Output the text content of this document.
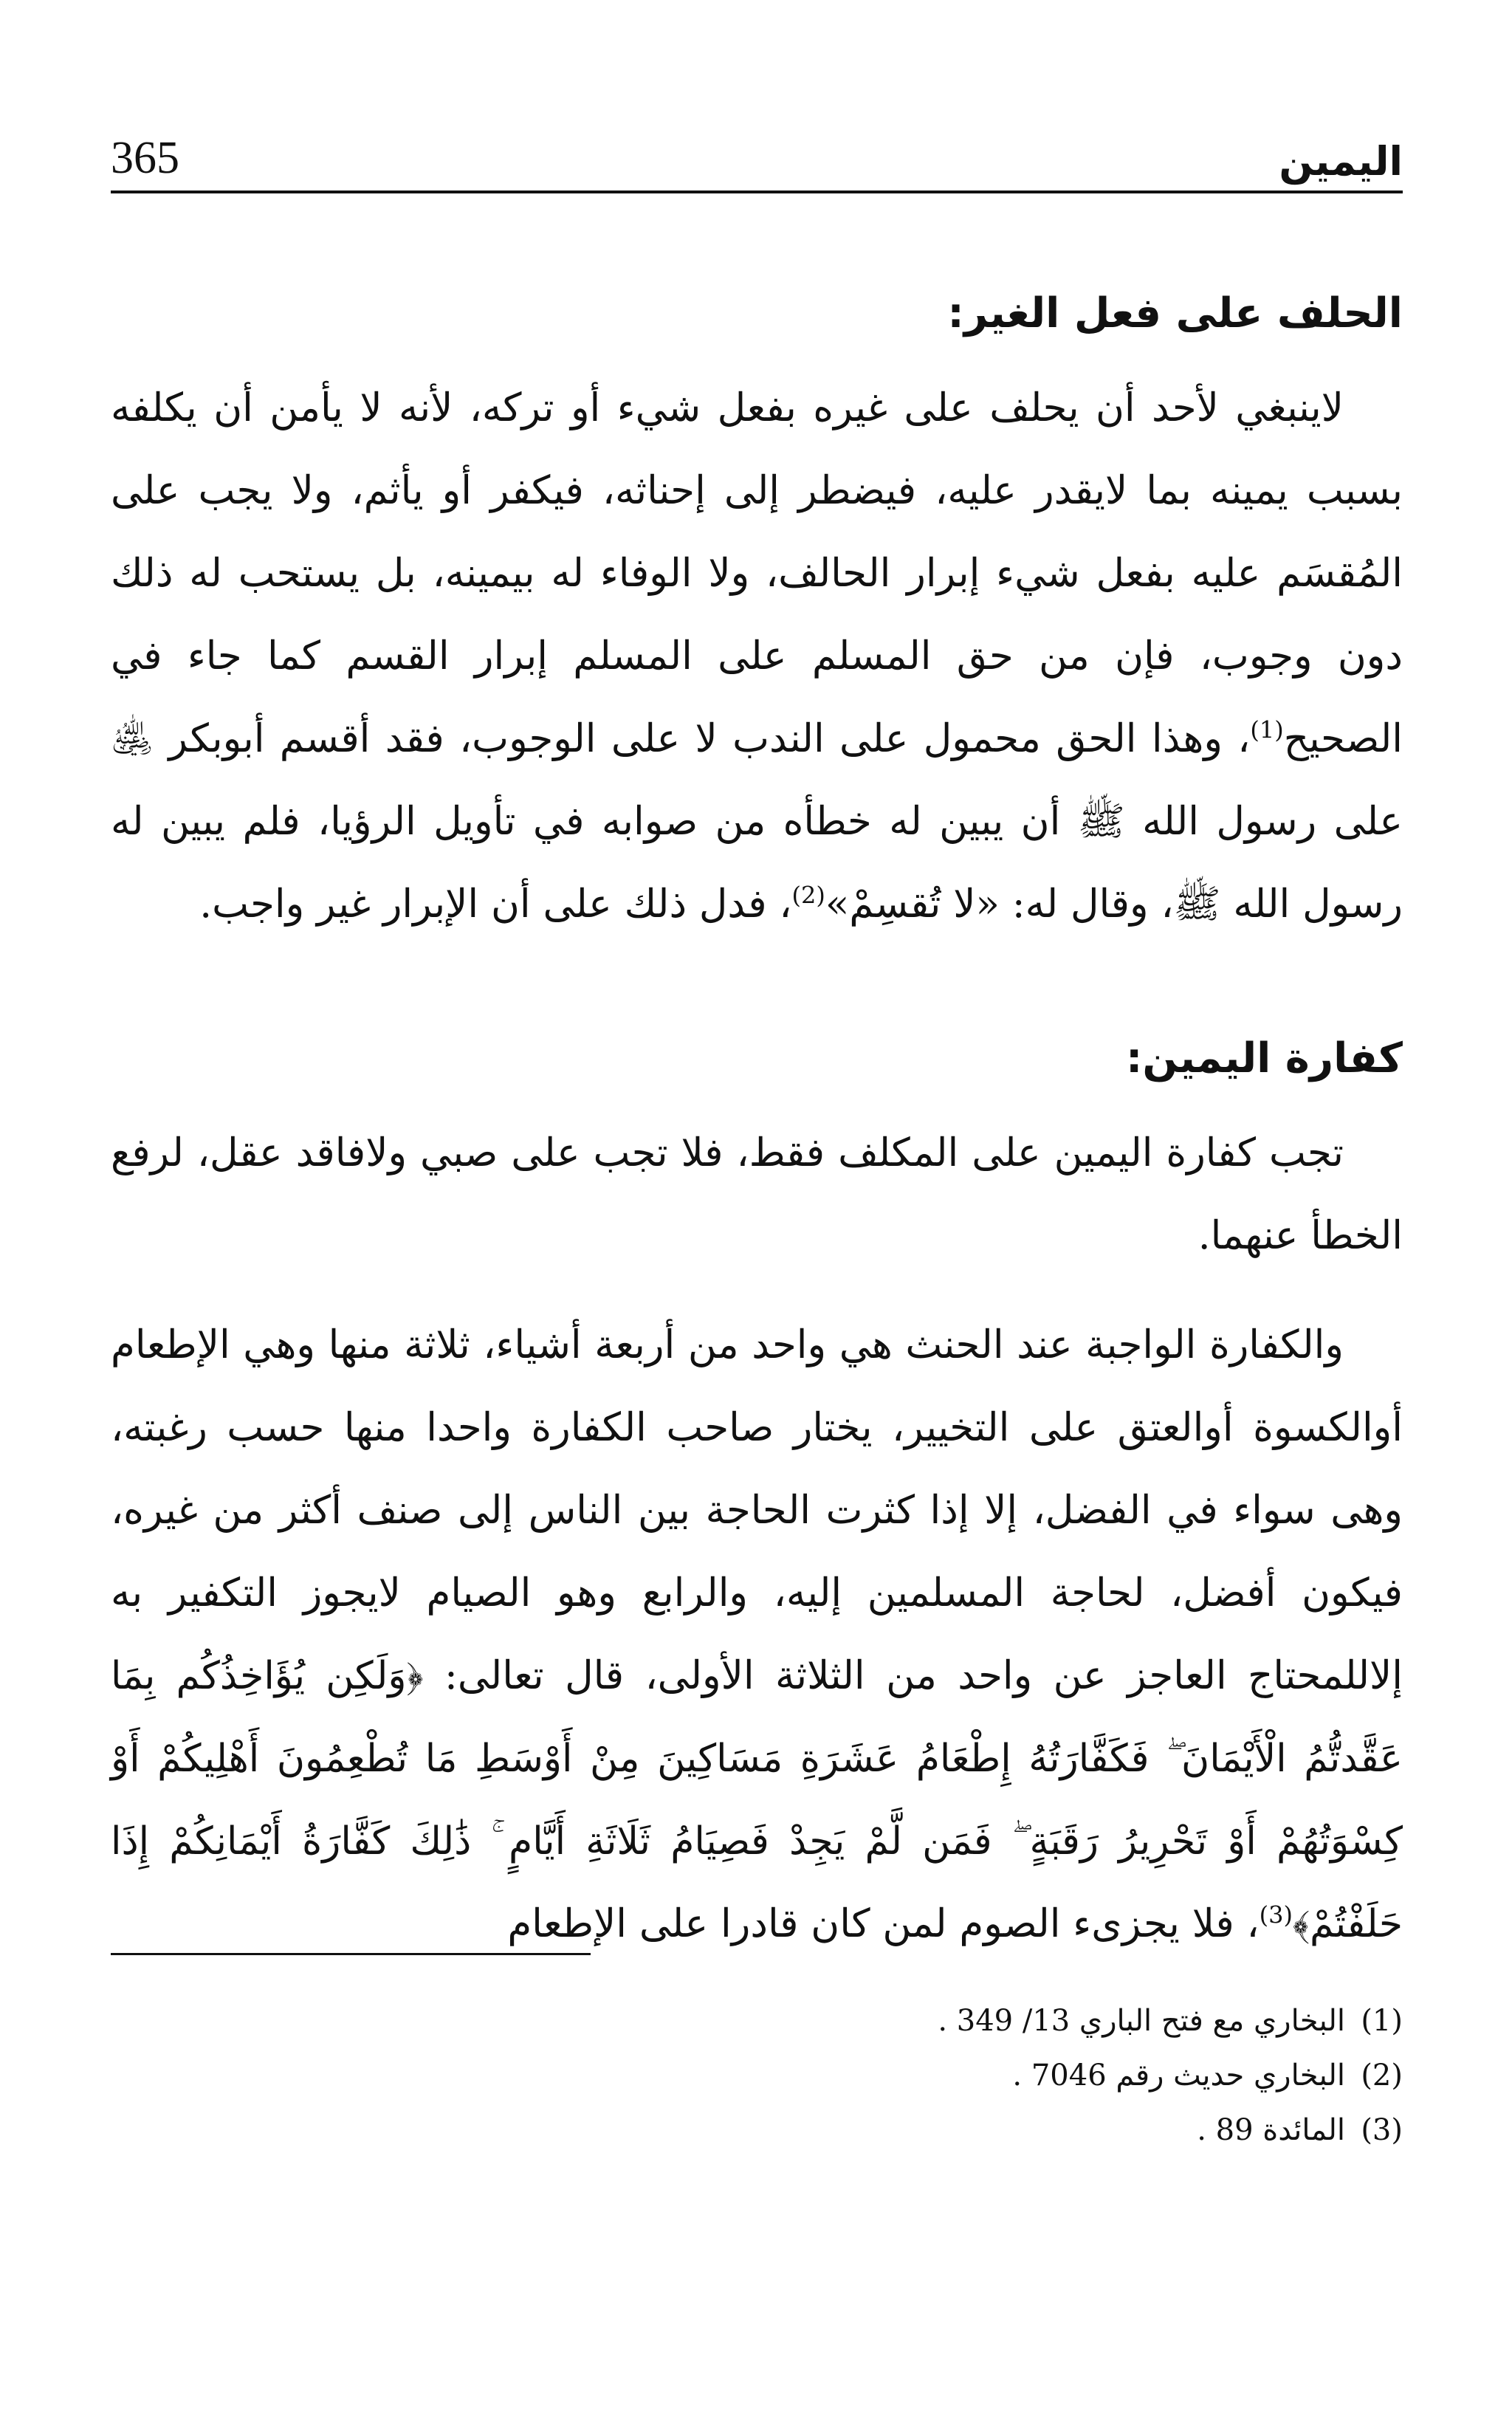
اليمين
365
الحلف على فعل الغير:

لاينبغي لأحد أن يحلف على غيره بفعل شيء أو تركه، لأنه لا يأمن أن يكلفه بسبب يمينه بما لايقدر عليه، فيضطر إلى إحناثه، فيكفر أو يأثم، ولا يجب على المُقسَم عليه بفعل شيء إبرار الحالف، ولا الوفاء له بيمينه، بل يستحب له ذلك دون وجوب، فإن من حق المسلم على المسلم إبرار القسم كما جاء في الصحيح$^{(1)}$، وهذا الحق محمول على الندب لا على الوجوب، فقد أقسم أبوبكر ﵁ على رسول الله ﷺ أن يبين له خطأه من صوابه في تأويل الرؤيا، فلم يبين له رسول الله ﷺ، وقال له: «لا تُقسِمْ»$^{(2)}$، فدل ذلك على أن الإبرار غير واجب.

كفارة اليمين:

تجب كفارة اليمين على المكلف فقط، فلا تجب على صبي ولافاقد عقل، لرفع الخطأ عنهما.

والكفارة الواجبة عند الحنث هي واحد من أربعة أشياء، ثلاثة منها وهي الإطعام أوالكسوة أوالعتق على التخيير، يختار صاحب الكفارة واحدا منها حسب رغبته، وهى سواء في الفضل، إلا إذا كثرت الحاجة بين الناس إلى صنف أكثر من غيره، فيكون أفضل، لحاجة المسلمين إليه، والرابع وهو الصيام لايجوز التكفير به إلاللمحتاج العاجز عن واحد من الثلاثة الأولى، قال تعالى: ﴿وَلَكِن يُؤَاخِذُكُم بِمَا عَقَّدتُّمُ الْأَيْمَانَ ۖ فَكَفَّارَتُهُ إِطْعَامُ عَشَرَةِ مَسَاكِينَ مِنْ أَوْسَطِ مَا تُطْعِمُونَ أَهْلِيكُمْ أَوْ كِسْوَتُهُمْ أَوْ تَحْرِيرُ رَقَبَةٍ ۖ فَمَن لَّمْ يَجِدْ فَصِيَامُ ثَلَاثَةِ أَيَّامٍ ۚ ذَٰلِكَ كَفَّارَةُ أَيْمَانِكُمْ إِذَا حَلَفْتُمْ﴾$^{(3)}$، فلا يجزىء الصوم لمن كان قادرا على الإطعام

(1)
البخاري مع فتح الباري 13/ 349 .
(2)
البخاري حديث رقم 7046 .
(3)
المائدة 89 .
